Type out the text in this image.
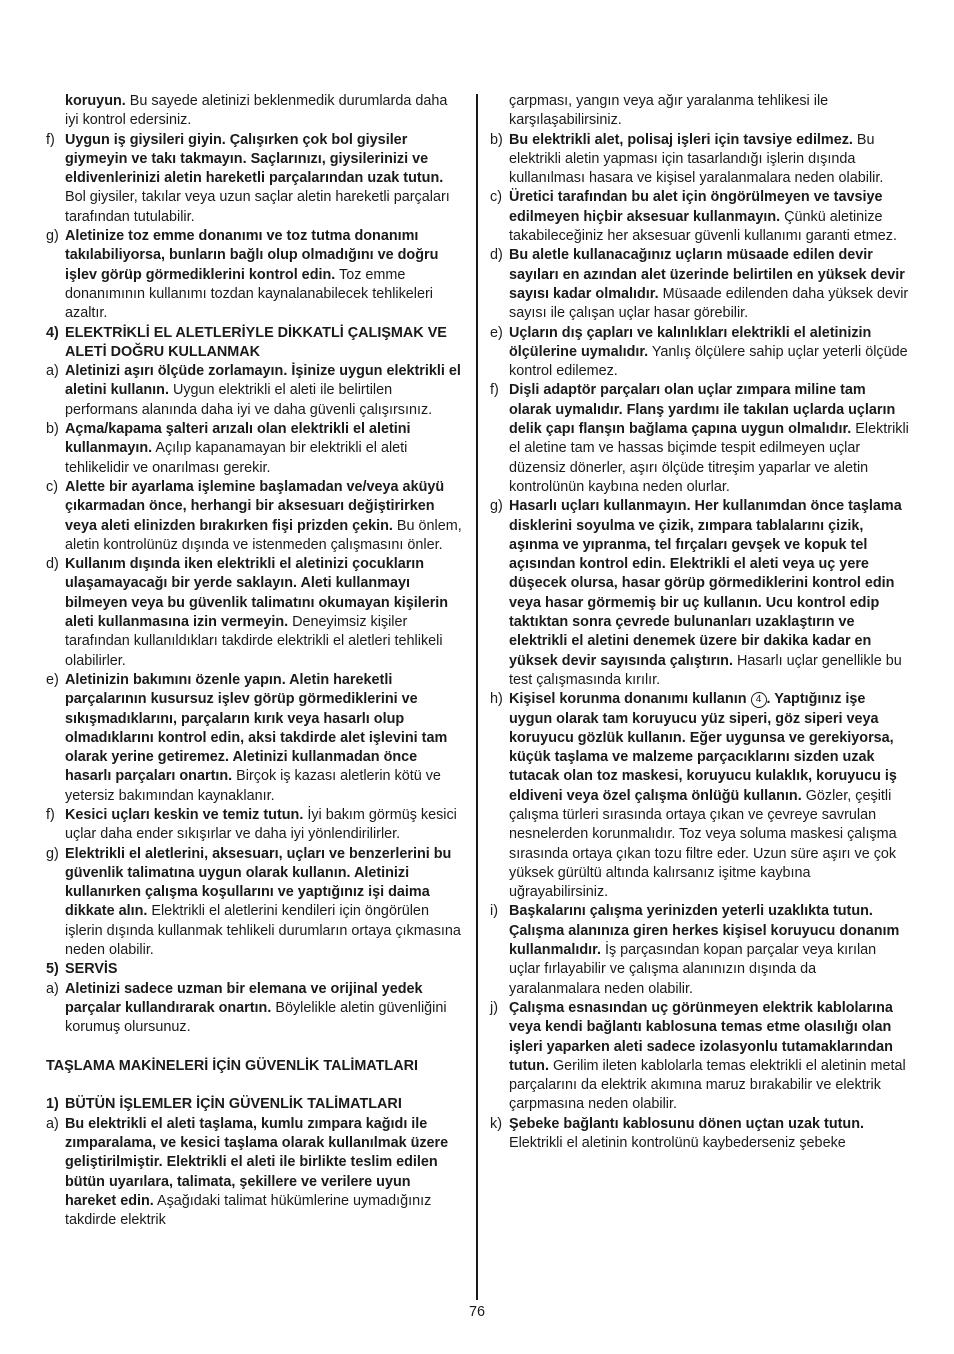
koruyun. Bu sayede aletinizi beklenmedik durumlarda daha iyi kontrol edersiniz.

f) Uygun iş giysileri giyin. Çalışırken çok bol giysiler giymeyin ve takı takmayın. Saçlarınızı, giysilerinizi ve eldivenlerinizi aletin hareketli parçalarından uzak tutun. Bol giysiler, takılar veya uzun saçlar aletin hareketli parçaları tarafından tutulabilir.
g) Aletinize toz emme donanımı ve toz tutma donanımı takılabiliyorsa, bunların bağlı olup olmadığını ve doğru işlev görüp görmediklerini kontrol edin. Toz emme donanımının kullanımı tozdan kaynalanabilecek tehlikeleri azaltır.
4) ELEKTRİKLİ EL ALETLERİYLE DİKKATLİ ÇALIŞMAK VE ALETİ DOĞRU KULLANMAK
a) Aletinizi aşırı ölçüde zorlamayın. İşinize uygun elektrikli el aletini kullanın. Uygun elektrikli el aleti ile belirtilen performans alanında daha iyi ve daha güvenli çalışırsınız.
b) Açma/kapama şalteri arızalı olan elektrikli el aletini kullanmayın. Açılıp kapanamayan bir elektrikli el aleti tehlikelidir ve onarılması gerekir.
c) Alette bir ayarlama işlemine başlamadan ve/veya aküyü çıkarmadan önce, herhangi bir aksesuarı değiştirirken veya aleti elinizden bırakırken fişi prizden çekin. Bu önlem, aletin kontrolünüz dışında ve istenmeden çalışmasını önler.
d) Kullanım dışında iken elektrikli el aletinizi çocukların ulaşamayacağı bir yerde saklayın. Aleti kullanmayı bilmeyen veya bu güvenlik talimatını okumayan kişilerin aleti kullanmasına izin vermeyin. Deneyimsiz kişiler tarafından kullanıldıkları takdirde elektrikli el aletleri tehlikeli olabilirler.
e) Aletinizin bakımını özenle yapın. Aletin hareketli parçalarının kusursuz işlev görüp görmediklerini ve sıkışmadıklarını, parçaların kırık veya hasarlı olup olmadıklarını kontrol edin, aksi takdirde alet işlevini tam olarak yerine getiremez. Aletinizi kullanmadan önce hasarlı parçaları onartın. Birçok iş kazası aletlerin kötü ve yetersiz bakımından kaynaklanır.
f) Kesici uçları keskin ve temiz tutun. İyi bakım görmüş kesici uçlar daha ender sıkışırlar ve daha iyi yönlendirilirler.
g) Elektrikli el aletlerini, aksesuarı, uçları ve benzerlerini bu güvenlik talimatına uygun olarak kullanın. Aletinizi kullanırken çalışma koşullarını ve yaptığınız işi daima dikkate alın. Elektrikli el aletlerini kendileri için öngörülen işlerin dışında kullanmak tehlikeli durumların ortaya çıkmasına neden olabilir.
5) SERVİS
a) Aletinizi sadece uzman bir elemana ve orijinal yedek parçalar kullandırarak onartın. Böylelikle aletin güvenliğini korumuş olursunuz.

TAŞLAMA MAKİNELERİ İÇİN GÜVENLİK TALİMATLARI

1) BÜTÜN İŞLEMLER İÇİN GÜVENLİK TALİMATLARI
a) Bu elektrikli el aleti taşlama, kumlu zımpara kağıdı ile zımparalama, ve kesici taşlama olarak kullanılmak üzere geliştirilmiştir. Elektrikli el aleti ile birlikte teslim edilen bütün uyarılara, talimata, şekillere ve verilere uyun hareket edin. Aşağıdaki talimat hükümlerine uymadığınız takdirde elektrik

çarpması, yangın veya ağır yaralanma tehlikesi ile karşılaşabilirsiniz.

b) Bu elektrikli alet, polisaj işleri için tavsiye edilmez. Bu elektrikli aletin yapması için tasarlandığı işlerin dışında kullanılması hasara ve kişisel yaralanmalara neden olabilir.
c) Üretici tarafından bu alet için öngörülmeyen ve tavsiye edilmeyen hiçbir aksesuar kullanmayın. Çünkü aletinize takabileceğiniz her aksesuar güvenli kullanımı garanti etmez.
d) Bu aletle kullanacağınız uçların müsaade edilen devir sayıları en azından alet üzerinde belirtilen en yüksek devir sayısı kadar olmalıdır. Müsaade edilenden daha yüksek devir sayısı ile çalışan uçlar hasar görebilir.
e) Uçların dış çapları ve kalınlıkları elektrikli el aletinizin ölçülerine uymalıdır. Yanlış ölçülere sahip uçlar yeterli ölçüde kontrol edilemez.
f) Dişli adaptör parçaları olan uçlar zımpara miline tam olarak uymalıdır. Flanş yardımı ile takılan uçlarda uçların delik çapı flanşın bağlama çapına uygun olmalıdır. Elektrikli el aletine tam ve hassas biçimde tespit edilmeyen uçlar düzensiz dönerler, aşırı ölçüde titreşim yaparlar ve aletin kontrolünün kaybına neden olurlar.
g) Hasarlı uçları kullanmayın. Her kullanımdan önce taşlama disklerini soyulma ve çizik, zımpara tablalarını çizik, aşınma ve yıpranma, tel fırçaları gevşek ve kopuk tel açısından kontrol edin. Elektrikli el aleti veya uç yere düşecek olursa, hasar görüp görmediklerini kontrol edin veya hasar görmemiş bir uç kullanın. Ucu kontrol edip taktıktan sonra çevrede bulunanları uzaklaştırın ve elektrikli el aletini denemek üzere bir dakika kadar en yüksek devir sayısında çalıştırın. Hasarlı uçlar genellikle bu test çalışmasında kırılır.
h) Kişisel korunma donanımı kullanın 4 . Yaptığınız işe uygun olarak tam koruyucu yüz siperi, göz siperi veya koruyucu gözlük kullanın. Eğer uygunsa ve gerekiyorsa, küçük taşlama ve malzeme parçacıklarını sizden uzak tutacak olan toz maskesi, koruyucu kulaklık, koruyucu iş eldiveni veya özel çalışma önlüğü kullanın. Gözler, çeşitli çalışma türleri sırasında ortaya çıkan ve çevreye savrulan nesnelerden korunmalıdır. Toz veya soluma maskesi çalışma sırasında ortaya çıkan tozu filtre eder. Uzun süre aşırı ve çok yüksek gürültü altında kalırsanız işitme kaybına uğrayabilirsiniz.
i) Başkalarını çalışma yerinizden yeterli uzaklıkta tutun. Çalışma alanınıza giren herkes kişisel koruyucu donanım kullanmalıdır. İş parçasından kopan parçalar veya kırılan uçlar fırlayabilir ve çalışma alanınızın dışında da yaralanmalara neden olabilir.
j) Çalışma esnasından uç görünmeyen elektrik kablolarına veya kendi bağlantı kablosuna temas etme olasılığı olan işleri yaparken aleti sadece izolasyonlu tutamaklarından tutun. Gerilim ileten kablolarla temas elektrikli el aletinin metal parçalarını da elektrik akımına maruz bırakabilir ve elektrik çarpmasına neden olabilir.
k) Şebeke bağlantı kablosunu dönen uçtan uzak tutun. Elektrikli el aletinin kontrolünü kaybederseniz şebeke
76
